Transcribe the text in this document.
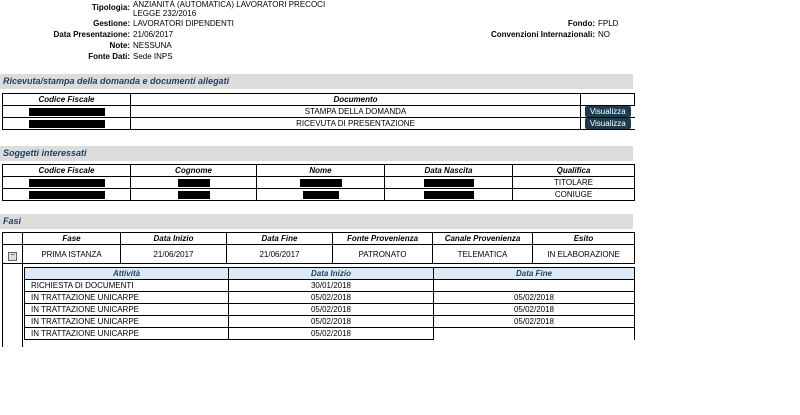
Tipologia: ANZIANITÀ (AUTOMATICA) LAVORATORI PRECOCI
LEGGE 232/2016
Gestione: LAVORATORI DIPENDENTI
Data Presentazione: 21/06/2017
Note: NESSUNA
Fonte Dati: Sede INPS
Fondo: FPLD
Convenzioni Internazionali: NO
Ricevuta/stampa della domanda e documenti allegati
Codice Fiscale	Documento	
	STAMPA DELLA DOMANDA	Visualizza
	RICEVUTA DI PRESENTAZIONE	Visualizza
Soggetti interessati
Codice Fiscale	Cognome	Nome	Data Nascita	Qualifica
				TITOLARE
				CONIUGE
Fasi
	Fase	Data Inizio	Data Fine	Fonte Provenienza	Canale Provenienza	Esito
	PRIMA ISTANZA	21/06/2017	21/06/2017	PATRONATO	TELEMATICA	IN ELABORAZIONE
−
Attività	Data Inizio	Data Fine
RICHIESTA DI DOCUMENTI	30/01/2018	
IN TRATTAZIONE UNICARPE	05/02/2018	05/02/2018
IN TRATTAZIONE UNICARPE	05/02/2018	05/02/2018
IN TRATTAZIONE UNICARPE	05/02/2018	05/02/2018
IN TRATTAZIONE UNICARPE	05/02/2018	
